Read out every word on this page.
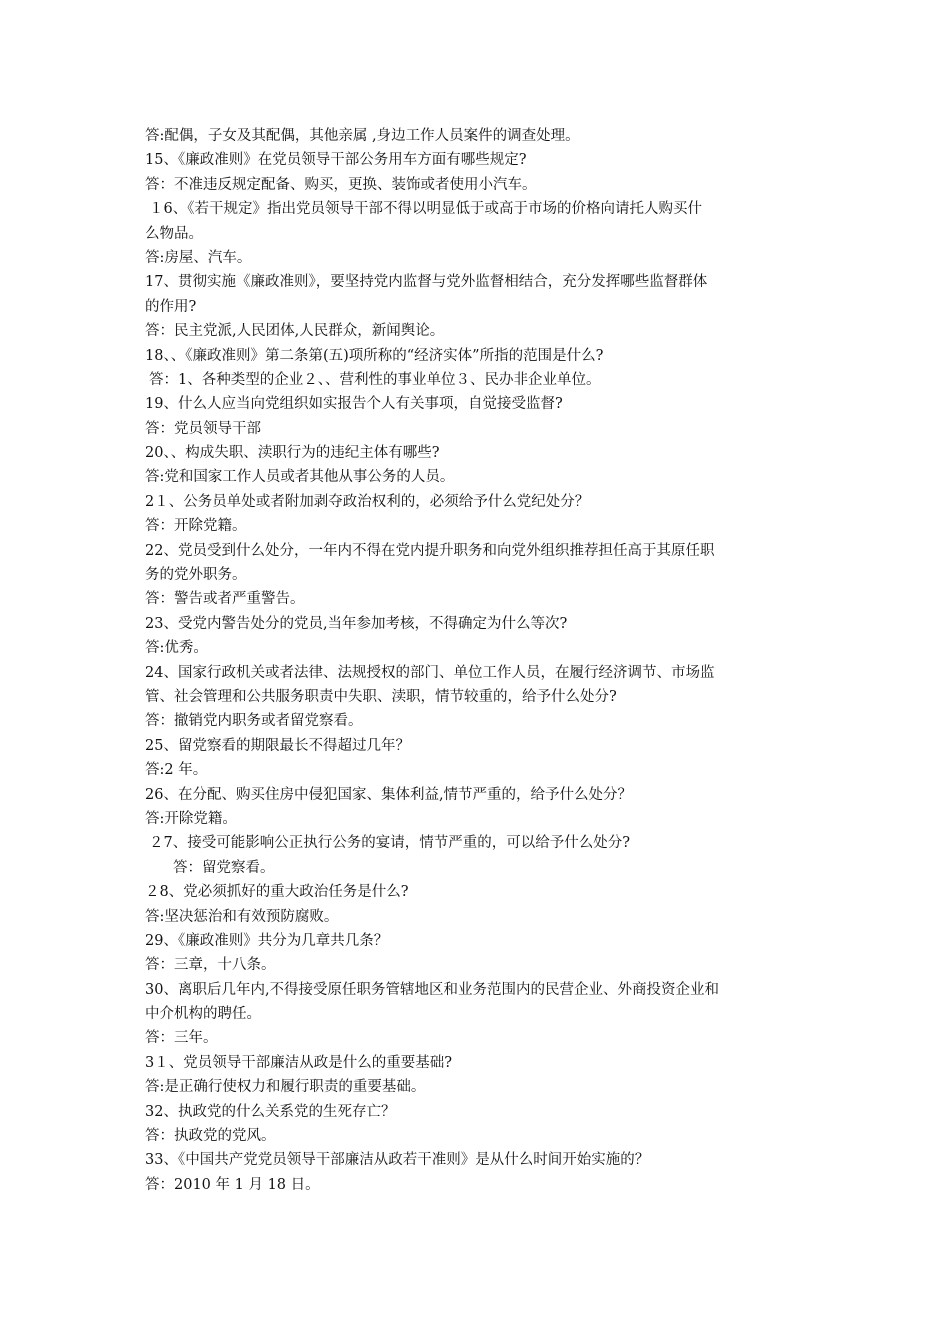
答:配偶，子女及其配偶，其他亲属 ,身边工作人员案件的调查处理。
15、《廉政准则》在党员领导干部公务用车方面有哪些规定?
答：不准违反规定配备、购买，更换、装饰或者使用小汽车。
１6、《若干规定》指出党员领导干部不得以明显低于或高于市场的价格向请托人购买什
么物品。
答:房屋、汽车。
17、贯彻实施《廉政准则》，要坚持党内监督与党外监督相结合，充分发挥哪些监督群体
的作用?
答：民主党派,人民团体,人民群众，新闻舆论。
18、、《廉政准则》第二条第(五)项所称的“经济实体”所指的范围是什么?
答：1、各种类型的企业２、、营利性的事业单位３、民办非企业单位。
19、什么人应当向党组织如实报告个人有关事项，自觉接受监督?
答：党员领导干部
20、、构成失职、渎职行为的违纪主体有哪些?
答:党和国家工作人员或者其他从事公务的人员。
2１、公务员单处或者附加剥夺政治权利的，必须给予什么党纪处分？
答：开除党籍。
22、党员受到什么处分，一年内不得在党内提升职务和向党外组织推荐担任高于其原任职
务的党外职务。
答：警告或者严重警告。
23、受党内警告处分的党员,当年参加考核，不得确定为什么等次?
答:优秀。
24、国家行政机关或者法律、法规授权的部门、单位工作人员，在履行经济调节、市场监
管、社会管理和公共服务职责中失职、渎职，情节较重的，给予什么处分?
答：撤销党内职务或者留党察看。
25、留党察看的期限最长不得超过几年？
答:2 年。
26、在分配、购买住房中侵犯国家、集体利益,情节严重的，给予什么处分？
答:开除党籍。
２7、接受可能影响公正执行公务的宴请，情节严重的，可以给予什么处分?
答：留党察看。
２8、党必须抓好的重大政治任务是什么?
答:坚决惩治和有效预防腐败。
29、《廉政准则》共分为几章共几条？
答：三章，十八条。
30、离职后几年内,不得接受原任职务管辖地区和业务范围内的民营企业、外商投资企业和
中介机构的聘任。
答：三年。
3１、党员领导干部廉洁从政是什么的重要基础?
答:是正确行使权力和履行职责的重要基础。
32、执政党的什么关系党的生死存亡？
答：执政党的党风。
33、《中国共产党党员领导干部廉洁从政若干准则》是从什么时间开始实施的？
答：2010 年 1 月 18 日。
